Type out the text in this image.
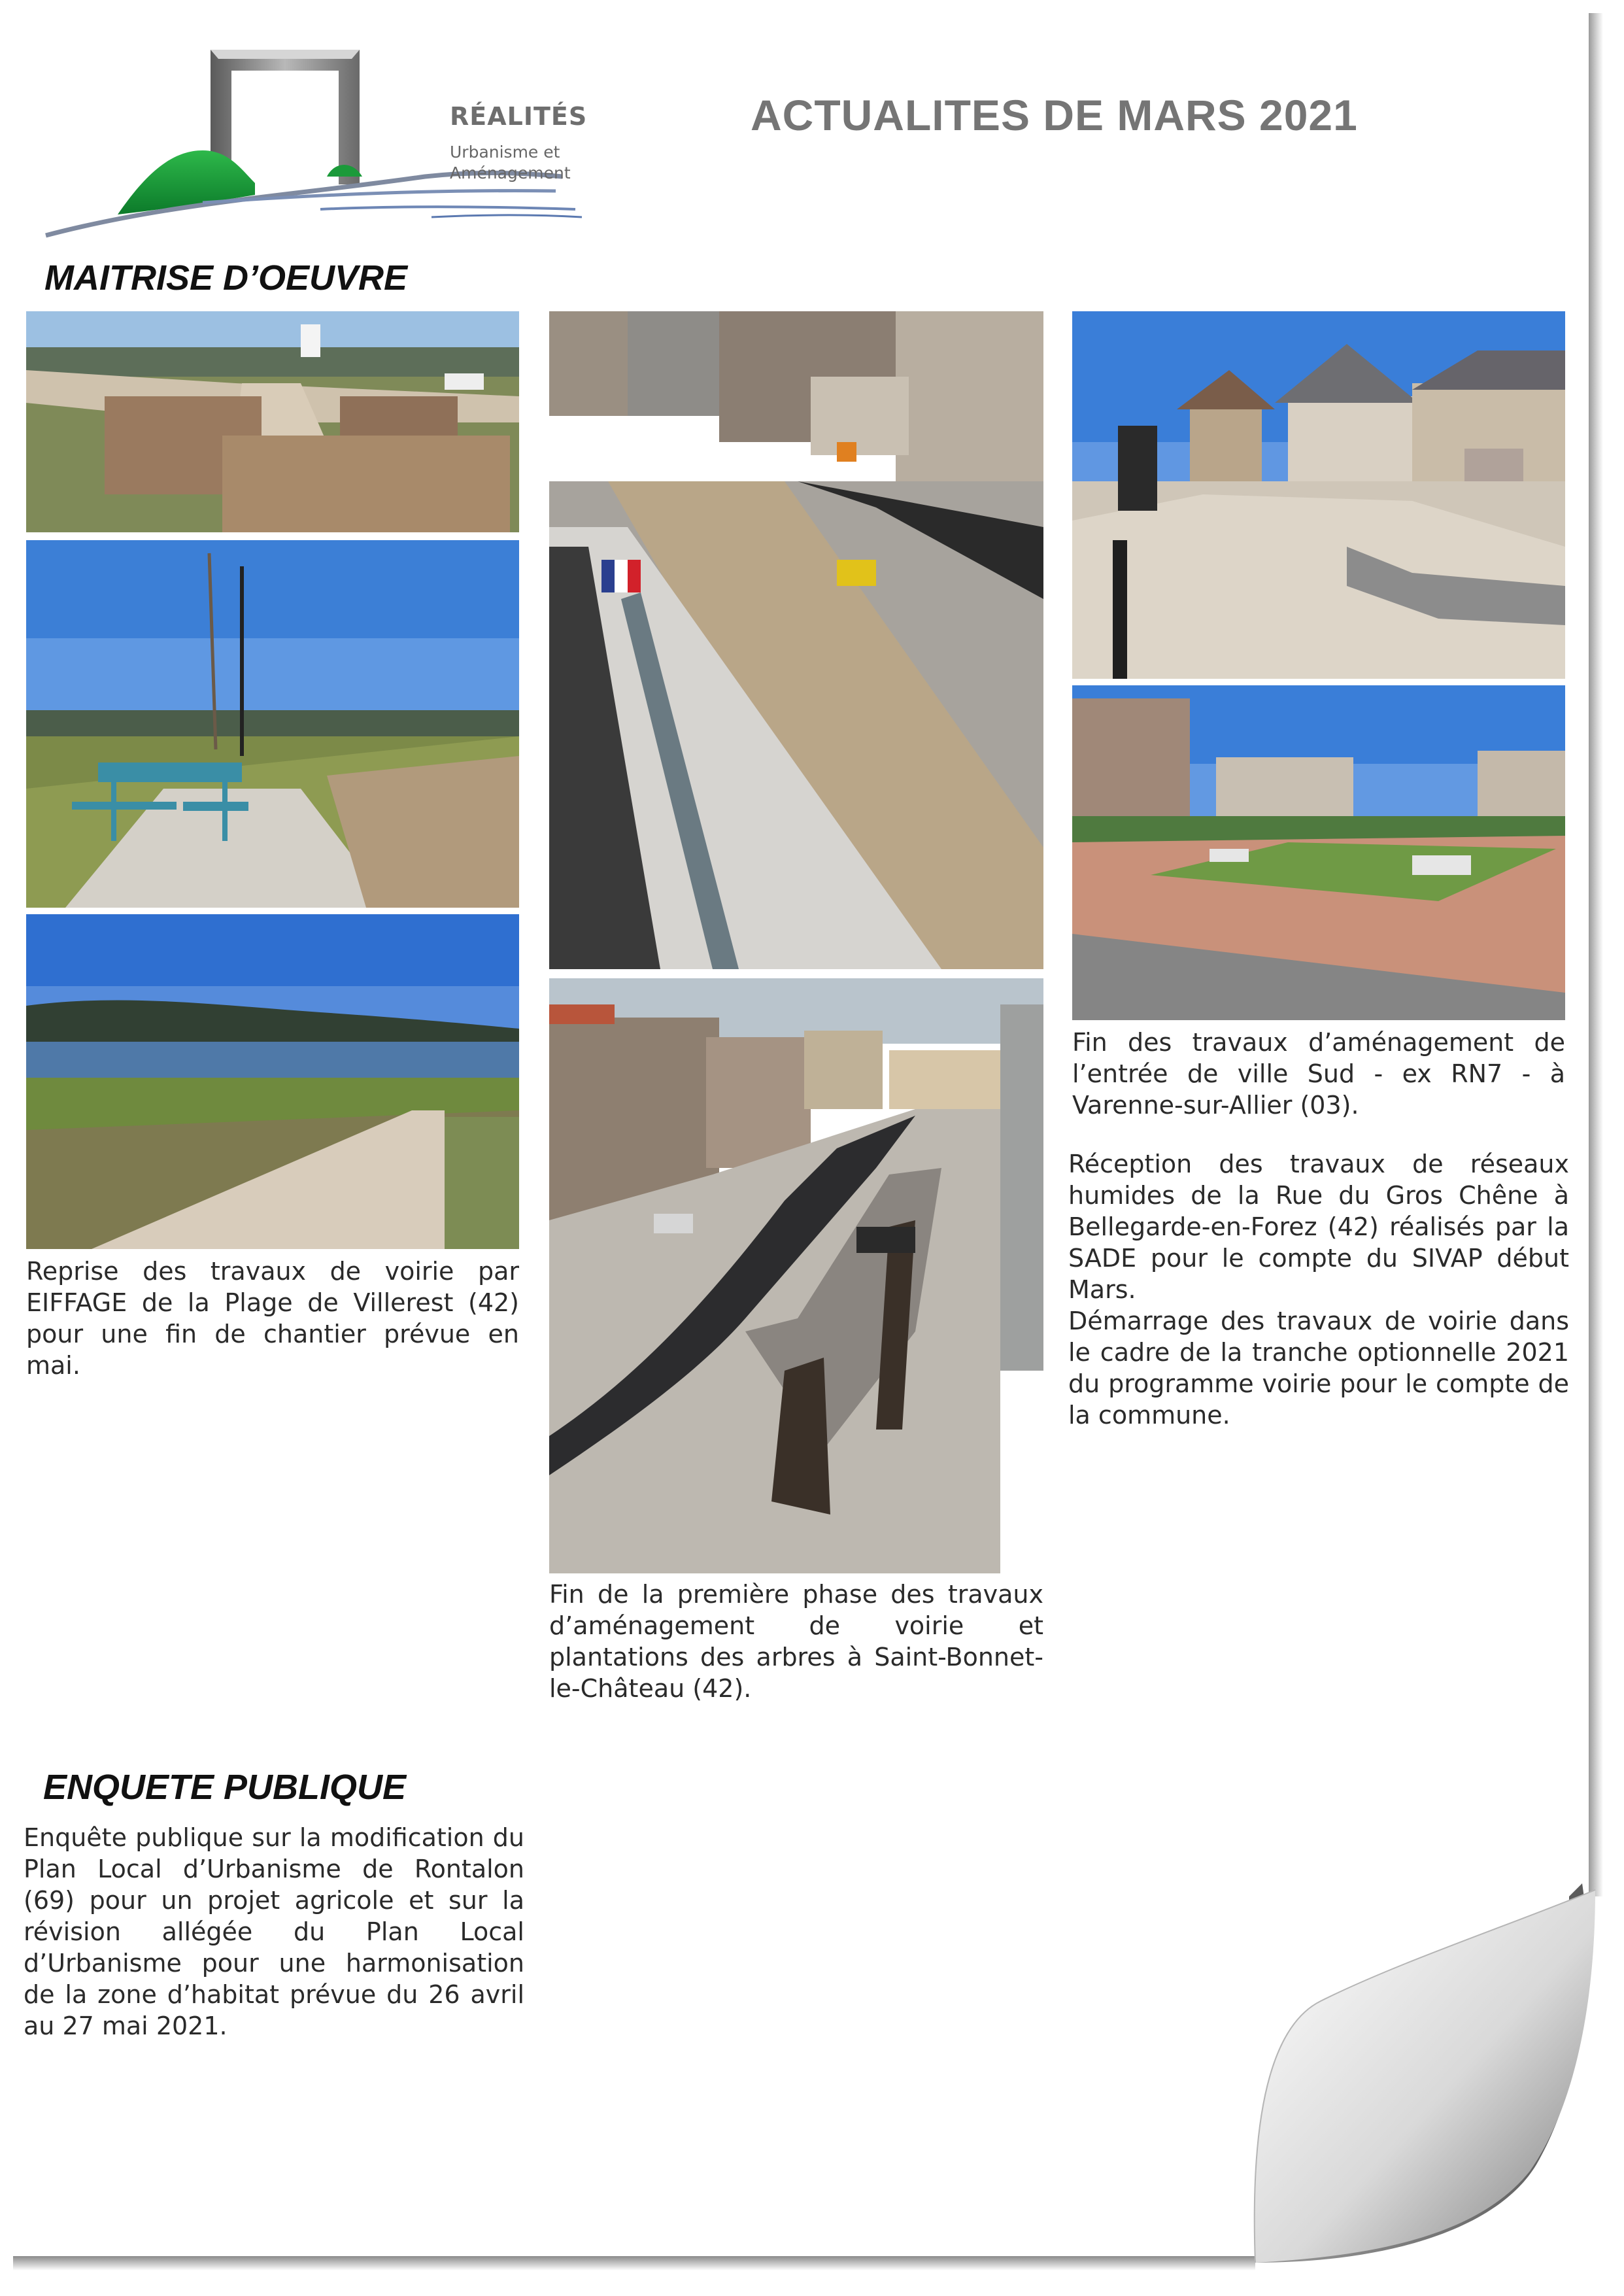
RÉALITÉS
Urbanisme et
Aménagement
ACTUALITES DE MARS 2021
MAITRISE D’OEUVRE

Reprise des travaux de voirie par EIFFAGE de la Plage de Villerest (42) pour une fin de chantier prévue en mai.

Fin de la première phase des travaux d’aménagement de voirie et plantations des arbres à Saint-Bonnet-le-Château (42).

Fin des travaux d’aménagement de l’entrée de ville Sud - ex RN7 - à Varenne-sur-Allier (03).

Réception des travaux de réseaux humides de la Rue du Gros Chêne à Bellegarde-en-Forez (42) réalisés par la SADE pour le compte du SIVAP début Mars.

Démarrage des travaux de voirie dans le cadre de la tranche optionnelle 2021 du programme voirie pour le compte de la commune.

ENQUETE PUBLIQUE

Enquête publique sur la modification du Plan Local d’Urbanisme de Rontalon (69) pour un projet agricole et sur la révision allégée du Plan Local d’Urbanisme pour une harmonisation de la zone d’habitat prévue du 26 avril au 27 mai 2021.
